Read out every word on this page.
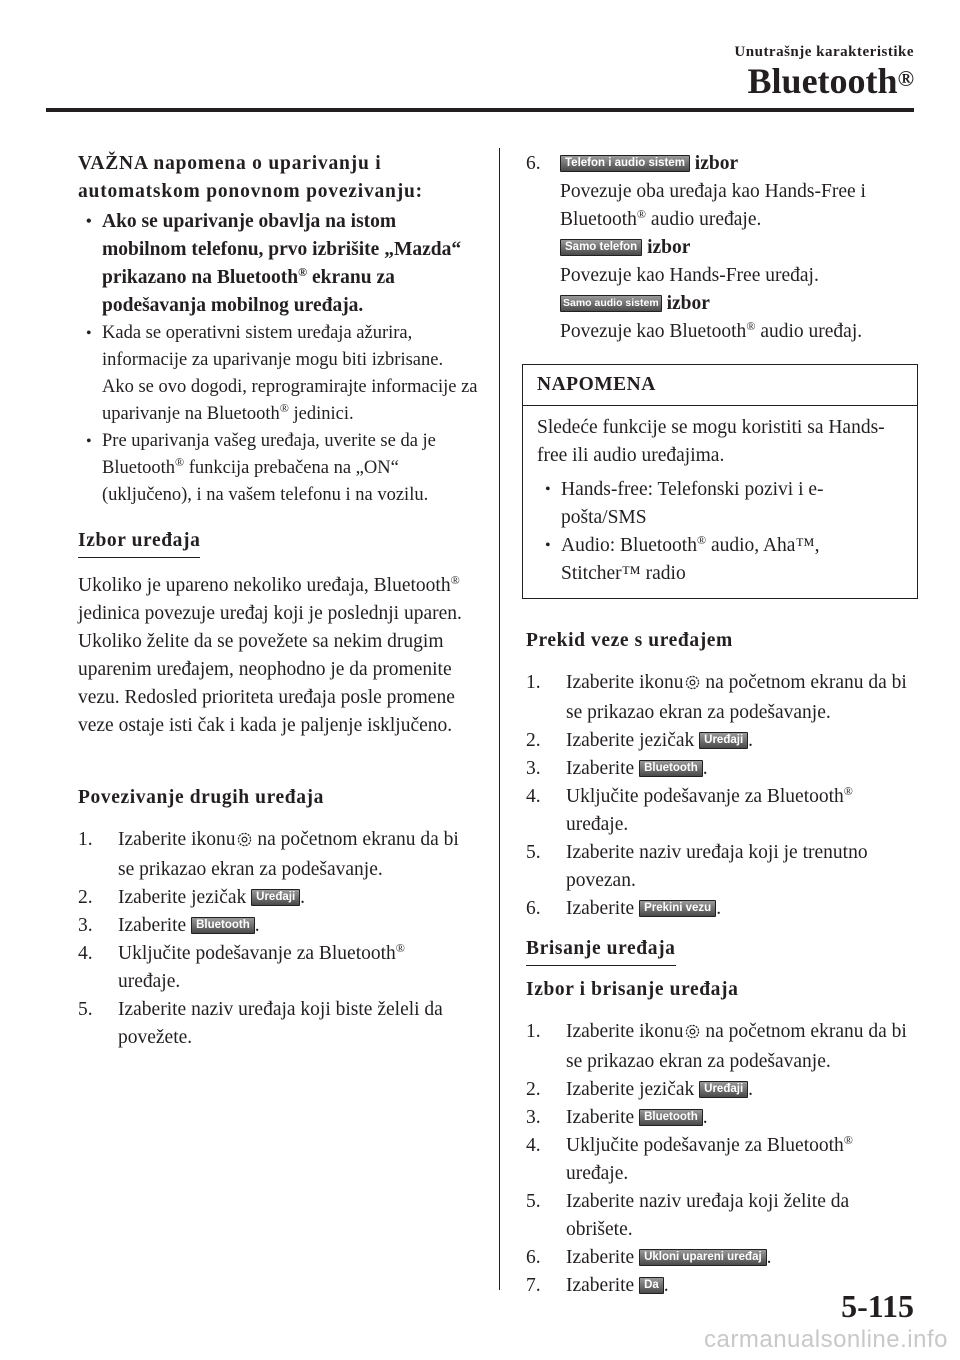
Unutrašnje karakteristike
Bluetooth®

VAŽNA napomena o uparivanju i automatskom ponovnom povezivanju:

• Ako se uparivanje obavlja na istom mobilnom telefonu, prvo izbrišite „Mazda“ prikazano na Bluetooth® ekranu za podešavanja mobilnog uređaja.
• Kada se operativni sistem uređaja ažurira, informacije za uparivanje mogu biti izbrisane. Ako se ovo dogodi, reprogramirajte informacije za uparivanje na Bluetooth® jedinici.
• Pre uparivanja vašeg uređaja, uverite se da je Bluetooth® funkcija prebačena na „ON“ (uključeno), i na vašem telefonu i na vozilu.
Izbor uređaja

Ukoliko je upareno nekoliko uređaja, Bluetooth® jedinica povezuje uređaj koji je poslednji uparen. Ukoliko želite da se povežete sa nekim drugim uparenim uređajem, neophodno je da promenite vezu. Redosled prioriteta uređaja posle promene veze ostaje isti čak i kada je paljenje isključeno.

Povezivanje drugih uređaja

1. Izaberite ikonu na početnom ekranu da bi se prikazao ekran za podešavanje.
2. Izaberite jezičak Uređaji .
3. Izaberite Bluetooth .
4. Uključite podešavanje za Bluetooth®
uređaje.
5. Izaberite naziv uređaja koji biste želeli da povežete.
6. Telefon i audio sistem izbor

Povezuje oba uređaja kao Hands-Free i Bluetooth® audio uređaje.

Samo telefon izbor

Povezuje kao Hands-Free uređaj.

Samo audio sistem izbor

Povezuje kao Bluetooth® audio uređaj.

NAPOMENA

Sledeće funkcije se mogu koristiti sa Hands-free ili audio uređajima.

• Hands-free: Telefonski pozivi i e-pošta/SMS
• Audio: Bluetooth® audio, Aha™, Stitcher™ radio

Prekid veze s uređajem

1. Izaberite ikonu na početnom ekranu da bi se prikazao ekran za podešavanje.
2. Izaberite jezičak Uređaji .
3. Izaberite Bluetooth .
4. Uključite podešavanje za Bluetooth®
uređaje.
5. Izaberite naziv uređaja koji je trenutno povezan.
6. Izaberite Prekini vezu .
Brisanje uređaja

Izbor i brisanje uređaja

1. Izaberite ikonu na početnom ekranu da bi se prikazao ekran za podešavanje.
2. Izaberite jezičak Uređaji .
3. Izaberite Bluetooth .
4. Uključite podešavanje za Bluetooth®
uređaje.
5. Izaberite naziv uređaja koji želite da obrišete.
6. Izaberite Ukloni upareni uređaj .
7. Izaberite Da .
5-115
carmanualsonline.info
